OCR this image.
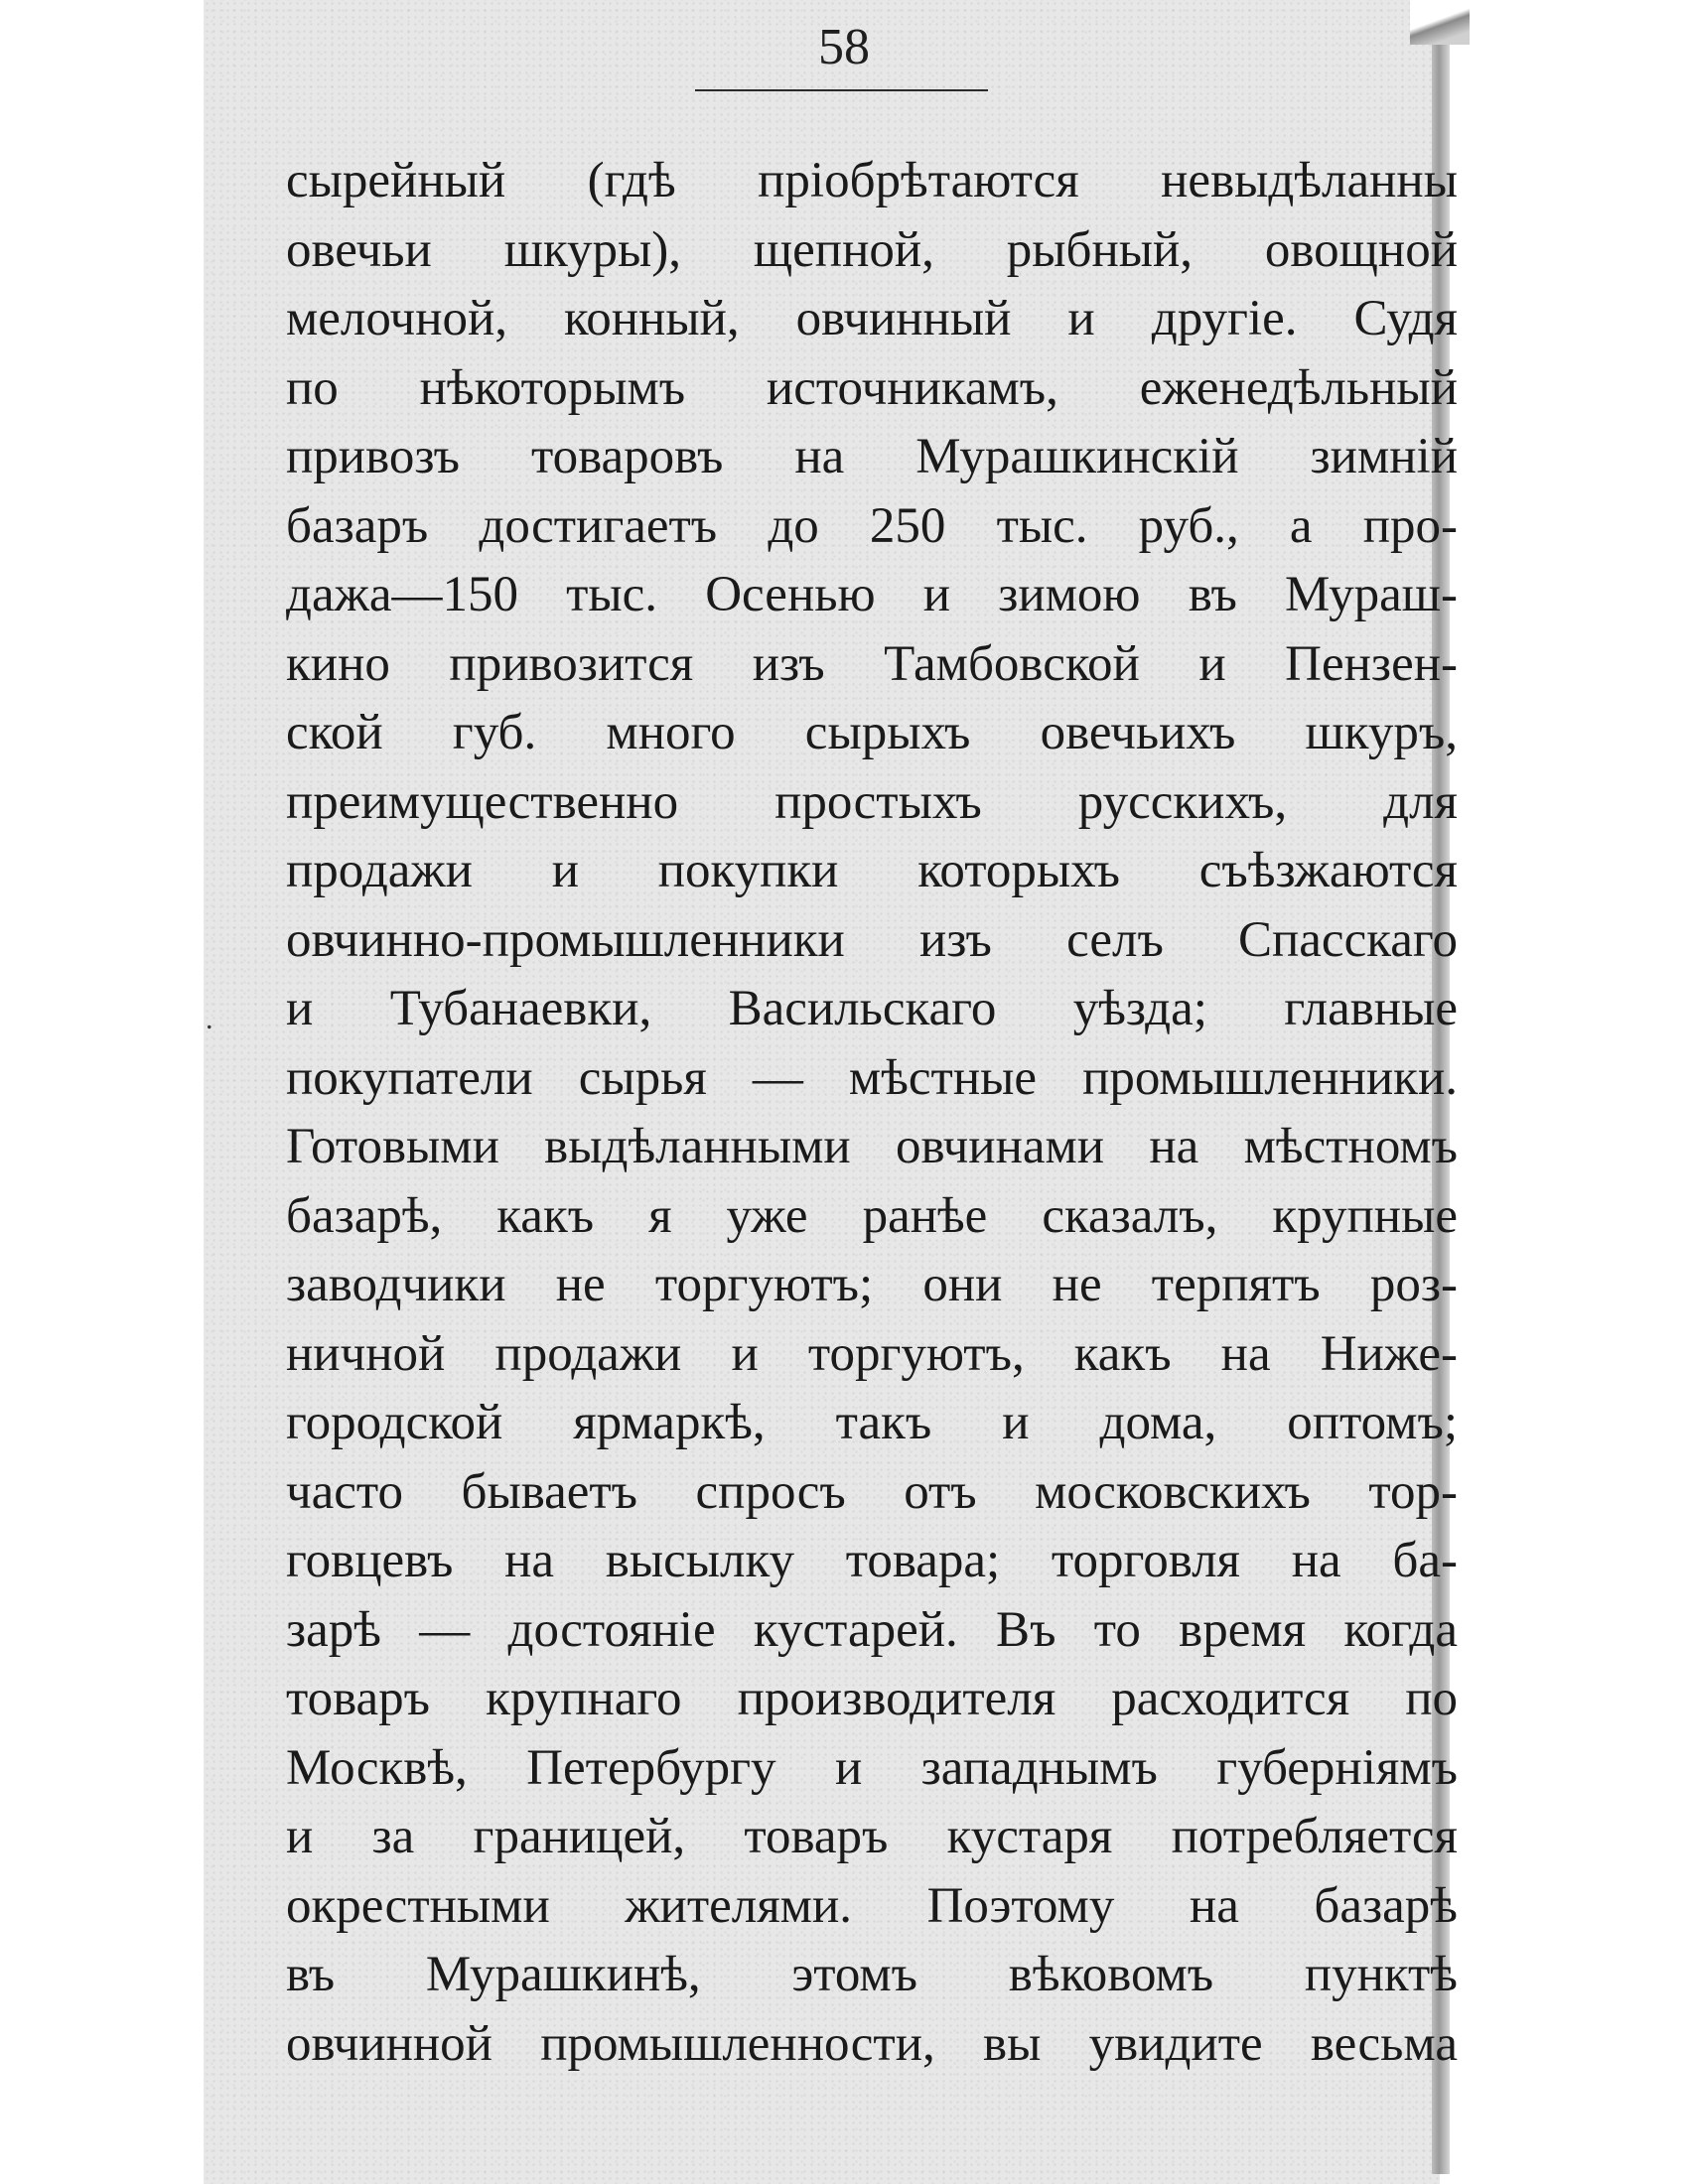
58
.
сырейный (гдѣ пріобрѣтаются невыдѣланны
овечьи шкуры), щепной, рыбный, овощной
мелочной, конный, овчинный и другіе. Судя
по нѣкоторымъ источникамъ, еженедѣльный
привозъ товаровъ на Мурашкинскій зимній
базаръ достигаетъ до 250 тыс. руб., а про-
дажа—150 тыс. Осенью и зимою въ Мураш-
кино привозится изъ Тамбовской и Пензен-
ской губ. много сырыхъ овечьихъ шкуръ,
преимущественно простыхъ русскихъ, для
продажи и покупки которыхъ съѣзжаются
овчинно-промышленники изъ селъ Спасскаго
и Тубанаевки, Васильскаго уѣзда; главные
покупатели сырья — мѣстные промышленники.
Готовыми выдѣланными овчинами на мѣстномъ
базарѣ, какъ я уже ранѣе сказалъ, крупные
заводчики не торгуютъ; они не терпятъ роз-
ничной продажи и торгуютъ, какъ на Ниже-
городской ярмаркѣ, такъ и дома, оптомъ;
часто бываетъ спросъ отъ московскихъ тор-
говцевъ на высылку товара; торговля на ба-
зарѣ — достояніе кустарей. Въ то время когда
товаръ крупнаго производителя расходится по
Москвѣ, Петербургу и западнымъ губерніямъ
и за границей, товаръ кустаря потребляется
окрестными жителями. Поэтому на базарѣ
въ Мурашкинѣ, этомъ вѣковомъ пунктѣ
овчинной промышленности, вы увидите весьма
